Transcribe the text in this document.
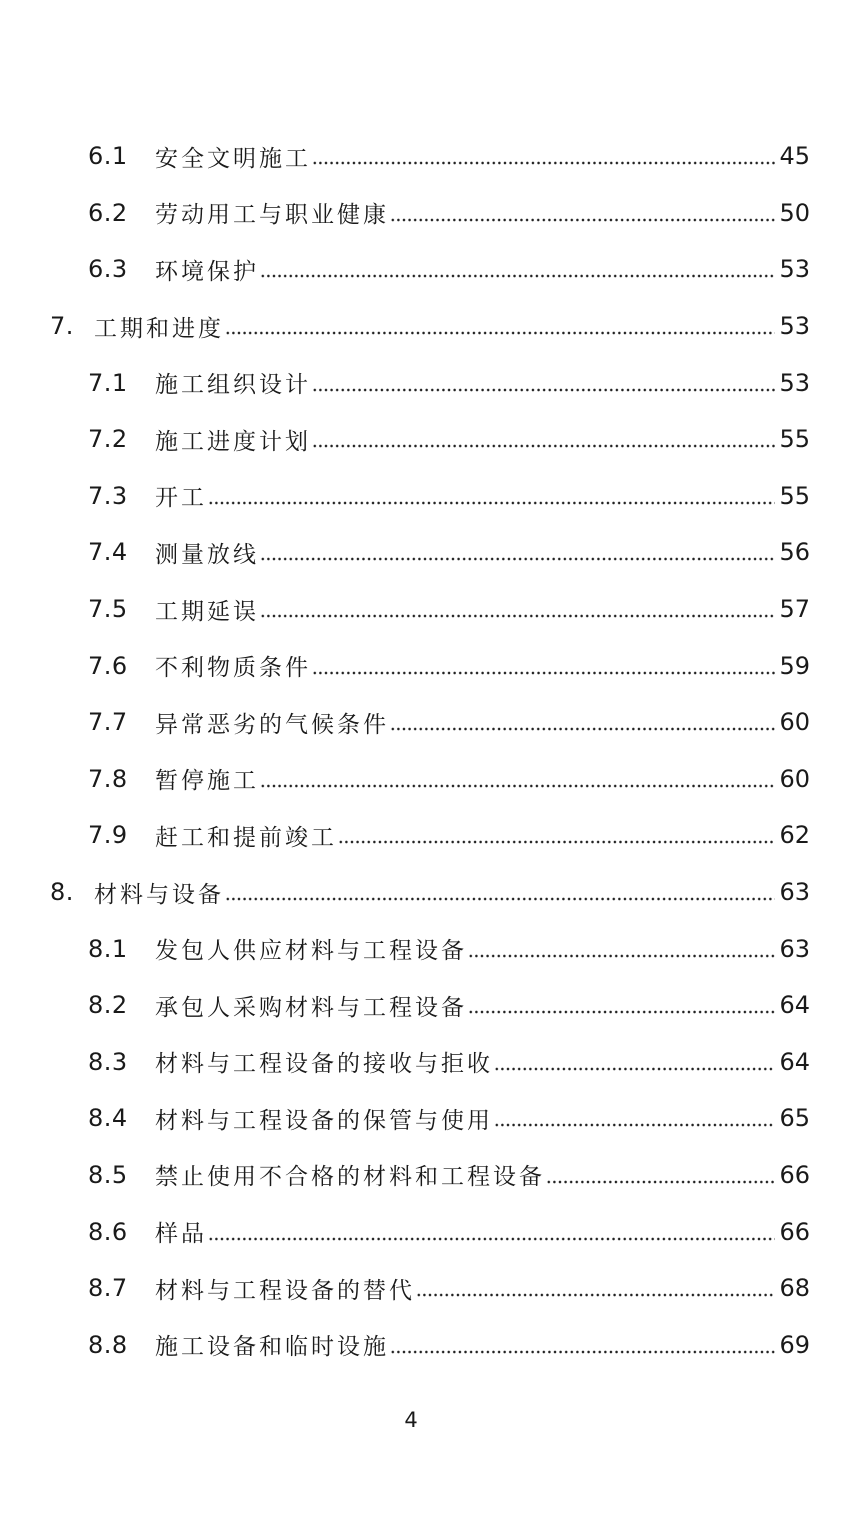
6.1	安全文明施工	45
6.2	劳动用工与职业健康	50
6.3	环境保护	53
7. 工期和进度	53
7.1	施工组织设计	53
7.2	施工进度计划	55
7.3	开工	55
7.4	测量放线	56
7.5	工期延误	57
7.6	不利物质条件	59
7.7	异常恶劣的气候条件	60
7.8	暂停施工	60
7.9	赶工和提前竣工	62
8. 材料与设备	63
8.1	发包人供应材料与工程设备	63
8.2	承包人采购材料与工程设备	64
8.3	材料与工程设备的接收与拒收	64
8.4	材料与工程设备的保管与使用	65
8.5	禁止使用不合格的材料和工程设备	66
8.6	样品	66
8.7	材料与工程设备的替代	68
8.8	施工设备和临时设施	69
4
